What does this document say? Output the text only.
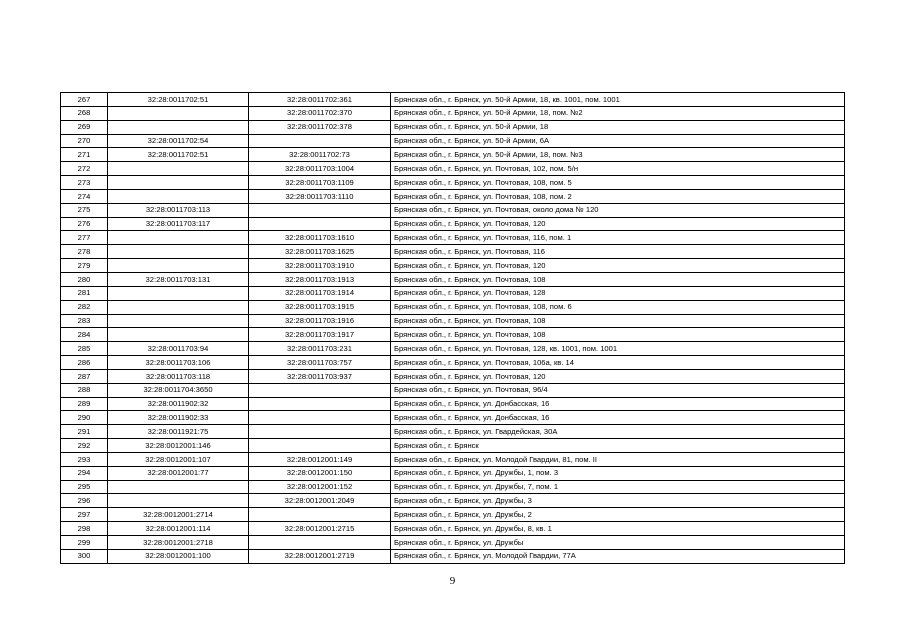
267	32:28:0011702:51	32:28:0011702:361	Брянская обл., г. Брянск, ул. 50-й Армии, 18, кв. 1001, пом. 1001
268		32:28:0011702:370	Брянская обл., г. Брянск, ул. 50-й Армии, 18, пом. №2
269		32:28:0011702:378	Брянская обл., г. Брянск, ул. 50-й Армии, 18
270	32:28:0011702:54		Брянская обл., г. Брянск, ул. 50-й Армии, 6А
271	32:28:0011702:51	32:28:0011702:73	Брянская обл., г. Брянск, ул. 50-й Армии, 18, пом. №3
272		32:28:0011703:1004	Брянская обл., г. Брянск, ул. Почтовая, 102, пом. 5/н
273		32:28:0011703:1109	Брянская обл., г. Брянск, ул. Почтовая, 108, пом. 5
274		32:28:0011703:1110	Брянская обл., г. Брянск, ул. Почтовая, 108, пом. 2
275	32:28:0011703:113		Брянская обл., г. Брянск, ул. Почтовая, около дома № 120
276	32:28:0011703:117		Брянская обл., г. Брянск, ул. Почтовая, 120
277		32:28:0011703:1610	Брянская обл., г. Брянск, ул. Почтовая, 116, пом. 1
278		32:28:0011703:1625	Брянская обл., г. Брянск, ул. Почтовая, 116
279		32:28:0011703:1910	Брянская обл., г. Брянск, ул. Почтовая, 120
280	32:28:0011703:131	32:28:0011703:1913	Брянская обл., г. Брянск, ул. Почтовая, 108
281		32:28:0011703:1914	Брянская обл., г. Брянск, ул. Почтовая, 128
282		32:28:0011703:1915	Брянская обл., г. Брянск, ул. Почтовая, 108, пом. 6
283		32:28:0011703:1916	Брянская обл., г. Брянск, ул. Почтовая, 108
284		32:28:0011703:1917	Брянская обл., г. Брянск, ул. Почтовая, 108
285	32:28:0011703:94	32:28:0011703:231	Брянская обл., г. Брянск, ул. Почтовая, 128, кв. 1001, пом. 1001
286	32:28:0011703:106	32:28:0011703:757	Брянская обл., г. Брянск, ул. Почтовая, 106а, кв. 14
287	32:28:0011703:118	32:28:0011703:937	Брянская обл., г. Брянск, ул. Почтовая, 120
288	32:28:0011704:3650		Брянская обл., г. Брянск, ул. Почтовая, 96/4
289	32:28:0011902:32		Брянская обл., г. Брянск, ул. Донбасская, 16
290	32:28:0011902:33		Брянская обл., г. Брянск, ул. Донбасская, 16
291	32:28:0011921:75		Брянская обл., г. Брянск, ул. Гвардейская, 30А
292	32:28:0012001:146		Брянская обл., г. Брянск
293	32:28:0012001:107	32:28:0012001:149	Брянская обл., г. Брянск, ул. Молодой Гвардии, 81, пом. II
294	32:28:0012001:77	32:28:0012001:150	Брянская обл., г. Брянск, ул. Дружбы, 1, пом. 3
295		32:28:0012001:152	Брянская обл., г. Брянск, ул. Дружбы, 7, пом. 1
296		32:28:0012001:2049	Брянская обл., г. Брянск, ул. Дружбы, 3
297	32:28:0012001:2714		Брянская обл., г. Брянск, ул. Дружбы, 2
298	32:28:0012001:114	32:28:0012001:2715	Брянская обл., г. Брянск, ул. Дружбы, 8, кв. 1
299	32:28:0012001:2718		Брянская обл., г. Брянск, ул. Дружбы
300	32:28:0012001:100	32:28:0012001:2719	Брянская обл., г. Брянск, ул. Молодой Гвардии, 77А
9
